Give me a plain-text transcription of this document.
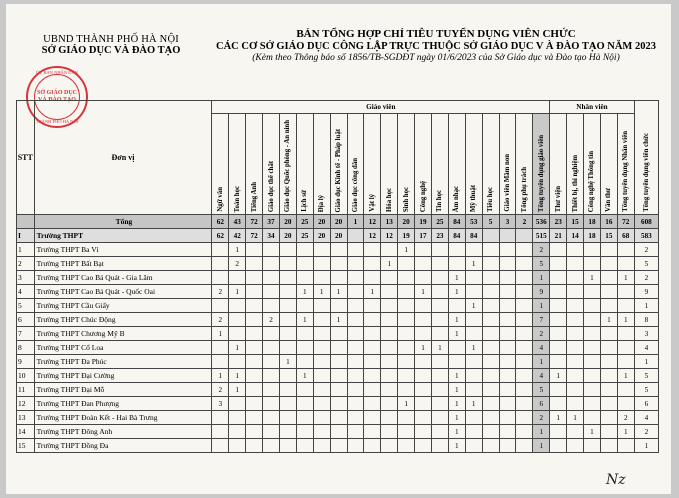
UBND THÀNH PHỐ HÀ NỘI
SỞ GIÁO DỤC VÀ ĐÀO TẠO
ỦY BAN NHÂN DÂN
SỞ GIÁO DỤC VÀ ĐÀO TẠO
THÀNH PHỐ HÀ NỘI
BẢN TỔNG HỢP CHỈ TIÊU TUYỂN DỤNG VIÊN CHỨC
CÁC CƠ SỞ GIÁO DỤC CÔNG LẬP TRỰC THUỘC SỞ GIÁO DỤC V À ĐÀO TẠO NĂM 2023
(Kèm theo Thông báo số 1856/TB-SGDĐT ngày 01/6/2023 của Sở Giáo dục và Đào tạo Hà Nội)
STT	Đơn vị	Giáo viên																				Nhân viên					Tổng tuyển dụng viên chức
		Ngữ văn	Toán học	Tiếng Anh	Giáo dục thể chất	Giáo dục Quốc phòng - An ninh	Lịch sử	Địa lý	Giáo dục Kinh tế - Pháp luật	Giáo dục công dân	Vật lý	Hóa học	Sinh học	Công nghệ	Tin học	Âm nhạc	Mỹ thuật	Tiểu học	Giáo viên Mầm non	Tổng phụ trách	Tổng tuyển dụng giáo viên	Thư viện	Thiết bị, thí nghiệm	Công nghệ Thông tin	Văn thư	Tổng tuyển dụng Nhân viên	
	Tổng	62	43	72	37	20	25	20	20	1	12	13	20	19	25	84	53	5	3	2	536	23	15	18	16	72	608
I	Trường THPT	62	42	72	34	20	25	20	20		12	12	19	17	23	84	84				515	21	14	18	15	68	583
1	Trường THPT Ba Vì		1										1								2						2
2	Trường THPT Bất Bạt		2									1					1				5						5
3	Trường THPT Cao Bá Quát - Gia Lâm															1					1			1		1	2
4	Trường THPT Cao Bá Quát - Quốc Oai	2	1				1	1	1		1			1		1					9						9
5	Trường THPT Cầu Giấy																1				1						1
6	Trường THPT Chúc Động	2			2		1		1							1					7				1	1	8
7	Trường THPT Chương Mỹ B	1														1					2						3
8	Trường THPT Cổ Loa		1											1	1		1				4						4
9	Trường THPT Đa Phúc					1															1						1
10	Trường THPT Đại Cường	1	1				1									1					4	1				1	5
11	Trường THPT Đại Mỗ	2	1													1					5						5
12	Trường THPT Đan Phượng	3											1			1	1				6						6
13	Trường THPT Đoàn Kết - Hai Bà Trưng															1					2	1	1			2	4
14	Trường THPT Đông Anh															1					1			1		1	2
15	Trường THPT Đồng Đa															1					1						1
Nz
